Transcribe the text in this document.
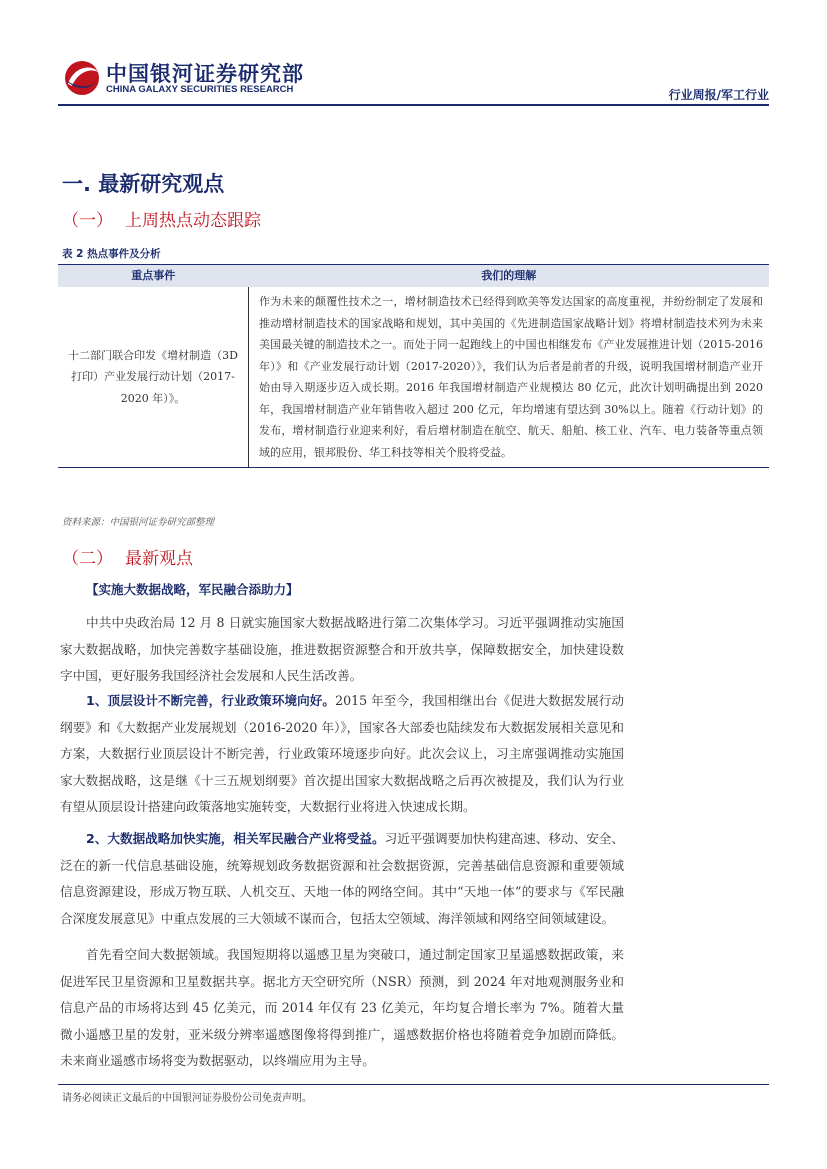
中国银河证券研究部
CHINA GALAXY SECURITIES RESEARCH	行业周报/军工行业
一. 最新研究观点
（一） 上周热点动态跟踪
表 2 热点事件及分析
重点事件	我们的理解
十二部门联合印发《增材制造（3D 打印）产业发展行动计划（2017-2020 年）》。	作为未来的颠覆性技术之一，增材制造技术已经得到欧美等发达国家的高度重视，并纷纷制定了发展和推动增材制造技术的国家战略和规划，其中美国的《先进制造国家战略计划》将增材制造技术列为未来美国最关键的制造技术之一。而处于同一起跑线上的中国也相继发布《产业发展推进计划（2015-2016 年）》和《产业发展行动计划（2017-2020）》，我们认为后者是前者的升级，说明我国增材制造产业开始由导入期逐步迈入成长期。2016 年我国增材制造产业规模达 80 亿元，此次计划明确提出到 2020 年，我国增材制造产业年销售收入超过 200 亿元，年均增速有望达到 30%以上。随着《行动计划》的发布，增材制造行业迎来利好，看后增材制造在航空、航天、船舶、核工业、汽车、电力装备等重点领域的应用，银邦股份、华工科技等相关个股将受益。
资料来源：中国银河证券研究部整理
（二） 最新观点
【实施大数据战略，军民融合添助力】

中共中央政治局 12 月 8 日就实施国家大数据战略进行第二次集体学习。习近平强调推动实施国家大数据战略，加快完善数字基础设施，推进数据资源整合和开放共享，保障数据安全，加快建设数字中国，更好服务我国经济社会发展和人民生活改善。

1、顶层设计不断完善，行业政策环境向好。2015 年至今，我国相继出台《促进大数据发展行动纲要》和《大数据产业发展规划（2016-2020 年）》，国家各大部委也陆续发布大数据发展相关意见和方案，大数据行业顶层设计不断完善，行业政策环境逐步向好。此次会议上，习主席强调推动实施国家大数据战略，这是继《十三五规划纲要》首次提出国家大数据战略之后再次被提及，我们认为行业有望从顶层设计搭建向政策落地实施转变，大数据行业将进入快速成长期。

2、大数据战略加快实施，相关军民融合产业将受益。习近平强调要加快构建高速、移动、安全、泛在的新一代信息基础设施，统筹规划政务数据资源和社会数据资源，完善基础信息资源和重要领域信息资源建设，形成万物互联、人机交互、天地一体的网络空间。其中“天地一体”的要求与《军民融合深度发展意见》中重点发展的三大领域不谋而合，包括太空领域、海洋领域和网络空间领域建设。

首先看空间大数据领域。我国短期将以遥感卫星为突破口，通过制定国家卫星遥感数据政策，来促进军民卫星资源和卫星数据共享。据北方天空研究所（NSR）预测，到 2024 年对地观测服务业和信息产品的市场将达到 45 亿美元，而 2014 年仅有 23 亿美元，年均复合增长率为 7%。随着大量微小遥感卫星的发射，亚米级分辨率遥感图像将得到推广，遥感数据价格也将随着竞争加剧而降低。未来商业遥感市场将变为数据驱动，以终端应用为主导。

请务必阅读正文最后的中国银河证券股份公司免责声明。
